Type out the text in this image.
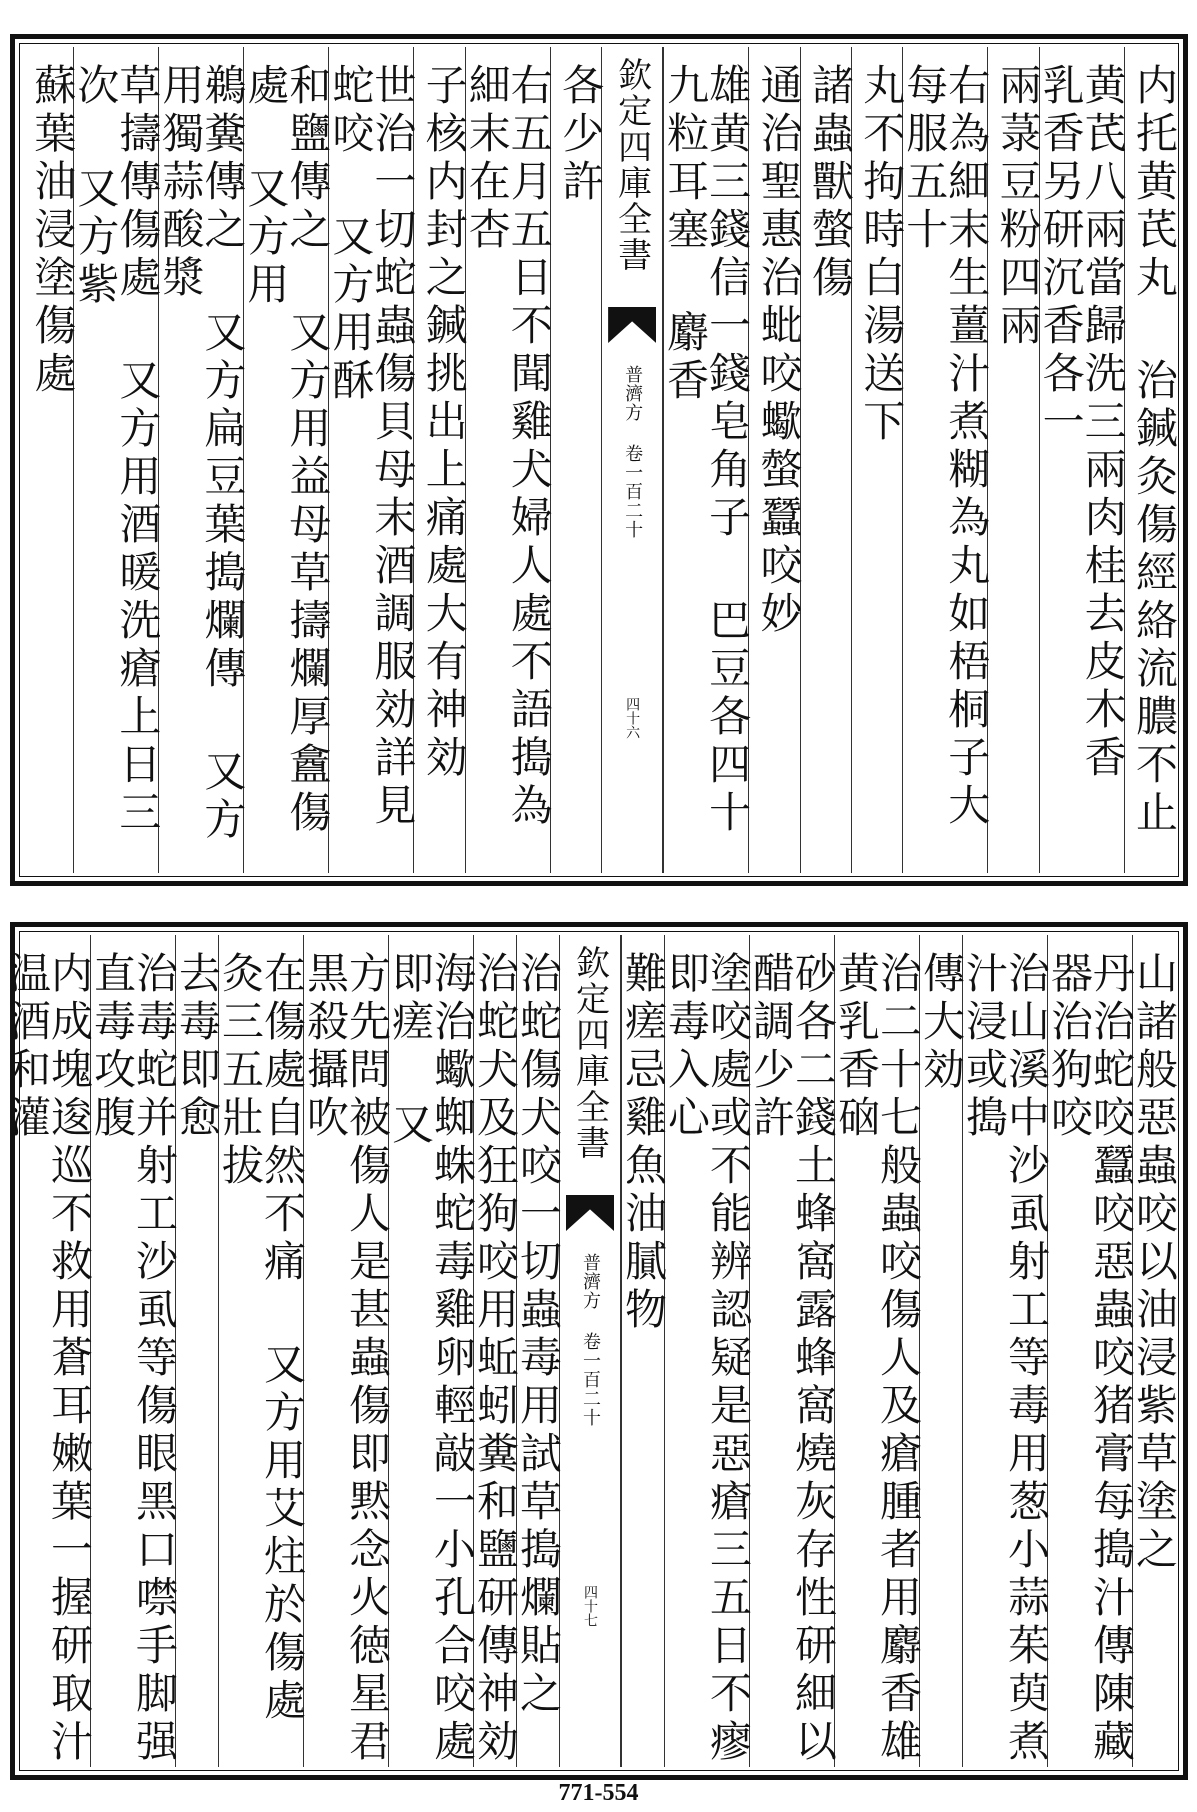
内托黄芪丸 治鍼灸傷經絡流膿不止
黄芪八兩當歸洗三兩肉桂去皮木香 乳香另研沉香各一
兩菉豆粉四兩
右為細末生薑汁煮糊為丸如梧桐子大每服五十
丸不拘時白湯送下
諸蟲獸螫傷
通治聖惠治蚍咬蠍螫蠶咬妙
雄黄三錢信一錢皂角子 巴豆各四十九粒耳塞 麝香
欽定四庫全書
普濟方 卷一百二十
四十六
各少許
右五月五日不聞雞犬婦人處不語搗為細末在杏
子核内封之鍼挑出上痛處大有神効
世治一切蛇蟲傷貝母末酒調服効詳見蛇咬 又方用酥
和鹽傳之 又方用益母草擣爛厚盫傷處 又方用
鵜糞傳之 又方扁豆葉搗爛傳 又方用獨蒜酸漿
草擣傳傷處 又方用酒暖洗瘡上日三次 又方紫
蘇葉油浸塗傷處
山諸般惡蟲咬以油浸紫草塗之
丹治蛇咬蠶咬惡蟲咬猪膏每搗汁傳陳藏器治狗咬
治山溪中沙虱射工等毒用葱小蒜茱萸煮汁浸或搗
傳大効
治二十七般蟲咬傷人及瘡腫者用麝香雄黄乳香硇
砂各二錢土蜂窩露蜂窩燒灰存性研細以醋調少許
塗咬處或不能辨認疑是惡瘡三五日不瘳即毒入心
難瘥忌雞魚油膩物
欽定四庫全書
普濟方 卷一百二十
四十七
治蛇傷犬咬一切蟲毒用試草搗爛貼之
治蛇犬及狂狗咬用蚯蚓糞和鹽研傳神効
海治蠍蜘蛛蛇毒雞卵輕敲一小孔合咬處即瘥 又
方先問被傷人是甚蟲傷即黙念火徳星君黒殺攝吹
在傷處自然不痛 又方用艾炷於傷處灸三五壯拔
去毒即愈
治毒蛇并射工沙虱等傷眼黑口噤手脚强直毒攻腹
内成塊逡巡不救用蒼耳嫩葉一握研取汁温酒和灌
771-554
